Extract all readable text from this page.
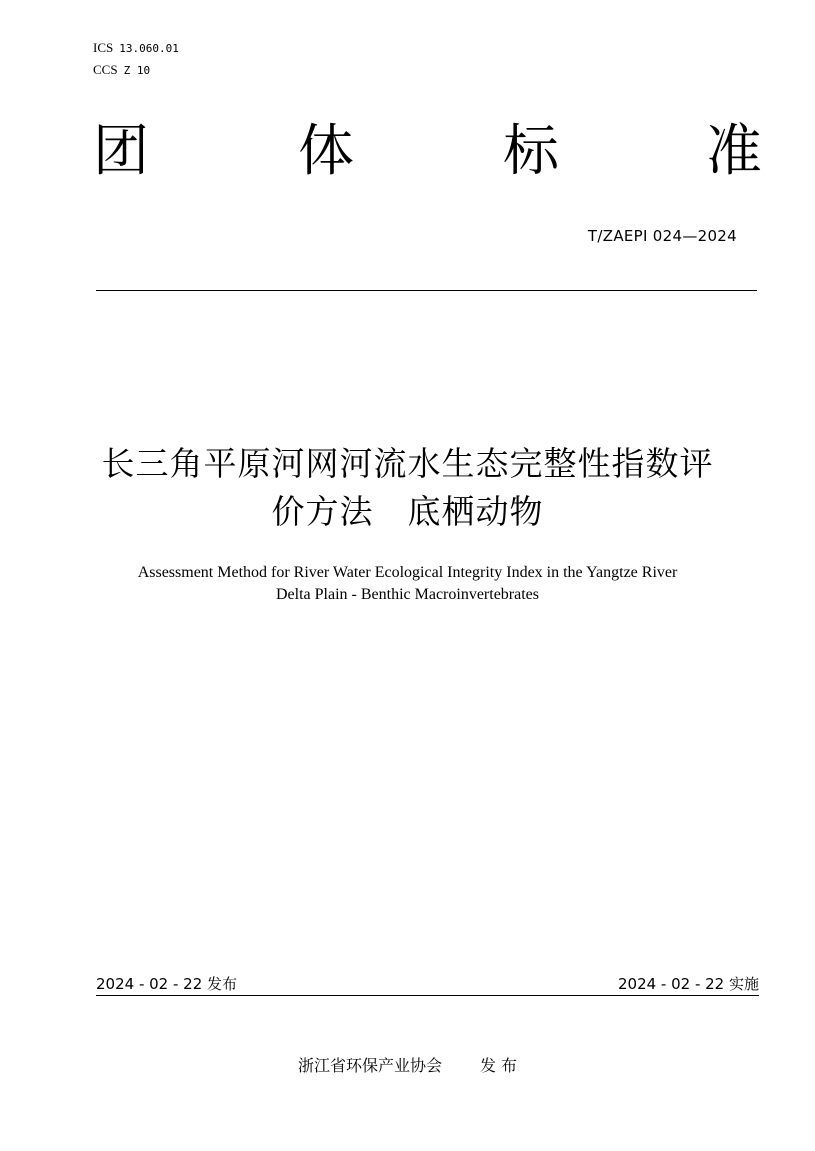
ICS 13.060.01
CCS Z 10
团	体	标	准
T/ZAEPI 024—2024
长三角平原河网河流水生态完整性指数评
价方法　底栖动物
Assessment Method for River Water Ecological Integrity Index in the Yangtze River
Delta Plain - Benthic Macroinvertebrates
2024 - 02 - 22 发布	2024 - 02 - 22 实施
浙江省环保产业协会 发 布
